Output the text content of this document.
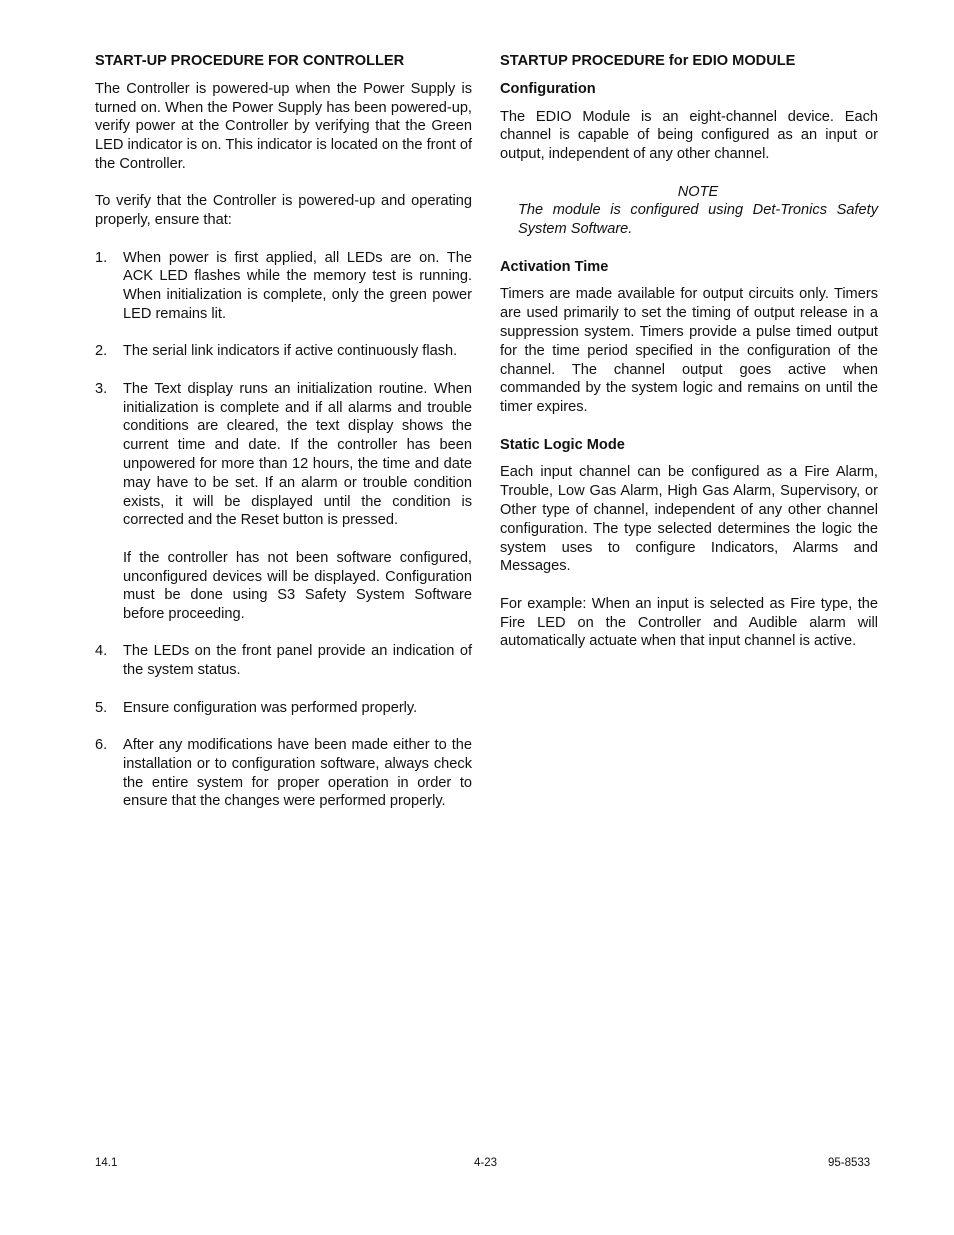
START-UP PROCEDURE FOR CONTROLLER

The Controller is powered-up when the Power Supply is turned on. When the Power Supply has been powered-up, verify power at the Controller by verifying that the Green LED indicator is on. This indicator is located on the front of the Controller.

To verify that the Controller is powered-up and operating properly, ensure that:

1. When power is first applied, all LEDs are on. The ACK LED flashes while the memory test is running. When initialization is complete, only the green power LED remains lit.

2. The serial link indicators if active continuously flash.

3. The Text display runs an initialization routine. When initialization is complete and if all alarms and trouble conditions are cleared, the text display shows the current time and date. If the controller has been unpowered for more than 12 hours, the time and date may have to be set. If an alarm or trouble condition exists, it will be displayed until the condition is corrected and the Reset button is pressed.

If the controller has not been software configured, unconfigured devices will be displayed. Configuration must be done using S3 Safety System Software before proceeding.

4. The LEDs on the front panel provide an indication of the system status.

5. Ensure configuration was performed properly.

6. After any modifications have been made either to the installation or to configuration software, always check the entire system for proper operation in order to ensure that the changes were performed properly.

STARTUP PROCEDURE for EDIO MODULE
Configuration

The EDIO Module is an eight-channel device. Each channel is capable of being configured as an input or output, independent of any other channel.

NOTE
The module is configured using Det-Tronics Safety System Software.
Activation Time

Timers are made available for output circuits only. Timers are used primarily to set the timing of output release in a suppression system. Timers provide a pulse timed output for the time period specified in the configuration of the channel. The channel output goes active when commanded by the system logic and remains on until the timer expires.

Static Logic Mode

Each input channel can be configured as a Fire Alarm, Trouble, Low Gas Alarm, High Gas Alarm, Supervisory, or Other type of channel, independent of any other channel configuration. The type selected determines the logic the system uses to configure Indicators, Alarms and Messages.

For example: When an input is selected as Fire type, the Fire LED on the Controller and Audible alarm will automatically actuate when that input channel is active.

14.1	4-23	95-8533
